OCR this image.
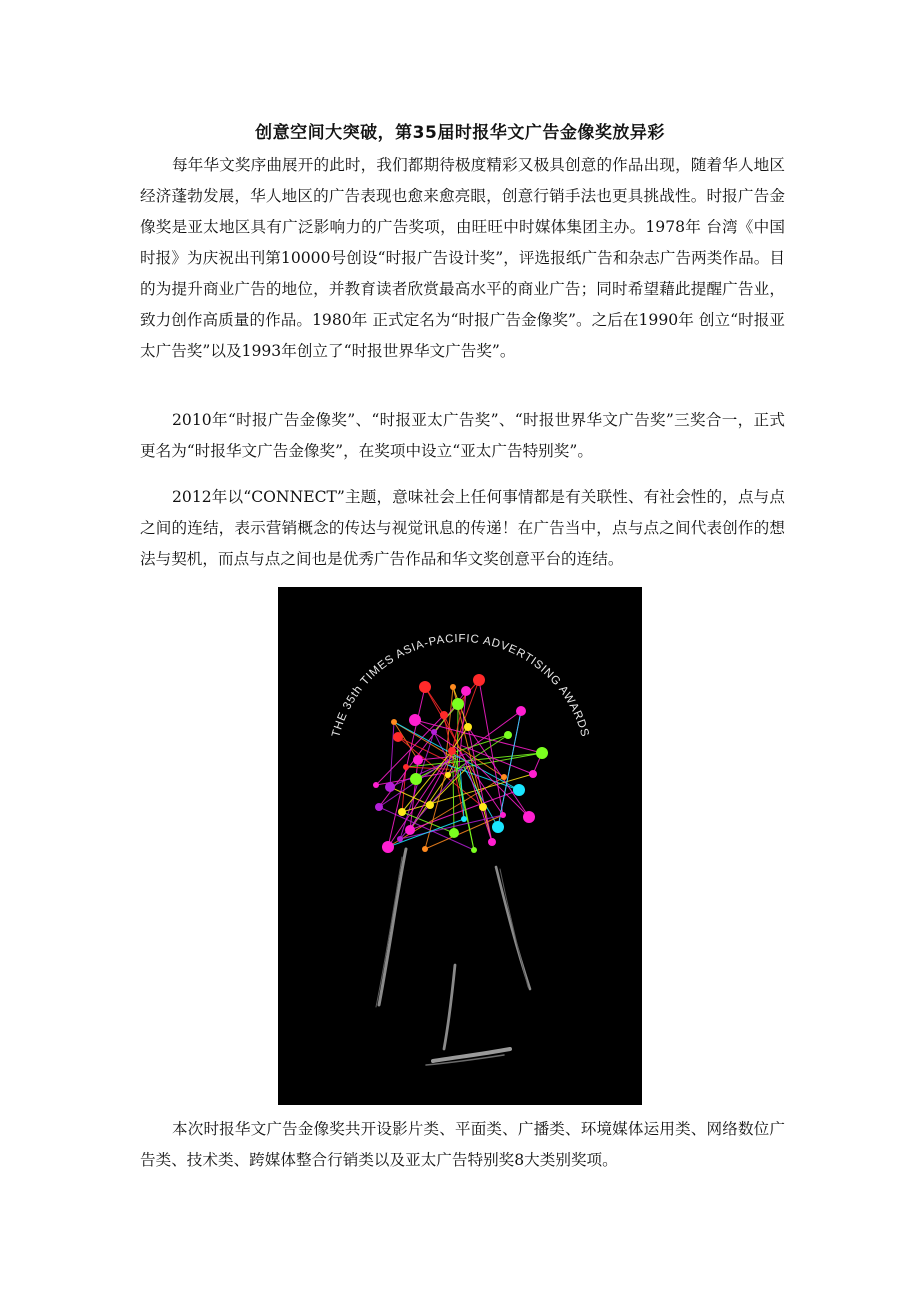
创意空间大突破，第35届时报华文广告金像奖放异彩

每年华文奖序曲展开的此时，我们都期待极度精彩又极具创意的作品出现，随着华人地区经济蓬勃发展，华人地区的广告表现也愈来愈亮眼，创意行销手法也更具挑战性。时报广告金像奖是亚太地区具有广泛影响力的广告奖项，由旺旺中时媒体集团主办。1978年 台湾《中国时报》为庆祝出刊第10000号创设“时报广告设计奖”，评选报纸广告和杂志广告两类作品。目的为提升商业广告的地位，并教育读者欣赏最高水平的商业广告；同时希望藉此提醒广告业，致力创作高质量的作品。1980年 正式定名为“时报广告金像奖”。之后在1990年 创立“时报亚太广告奖”以及1993年创立了“时报世界华文广告奖”。

2010年“时报广告金像奖”、“时报亚太广告奖”、“时报世界华文广告奖”三奖合一，正式更名为“时报华文广告金像奖”，在奖项中设立“亚太广告特别奖”。

2012年以“CONNECT”主题，意味社会上任何事情都是有关联性、有社会性的，点与点之间的连结，表示营销概念的传达与视觉讯息的传递！在广告当中，点与点之间代表创作的想法与契机，而点与点之间也是优秀广告作品和华文奖创意平台的连结。

THE 35th TIMES ASIA-PACIFIC ADVERTISING AWARDS

本次时报华文广告金像奖共开设影片类、平面类、广播类、环境媒体运用类、网络数位广告类、技术类、跨媒体整合行销类以及亚太广告特别奖8大类别奖项。
